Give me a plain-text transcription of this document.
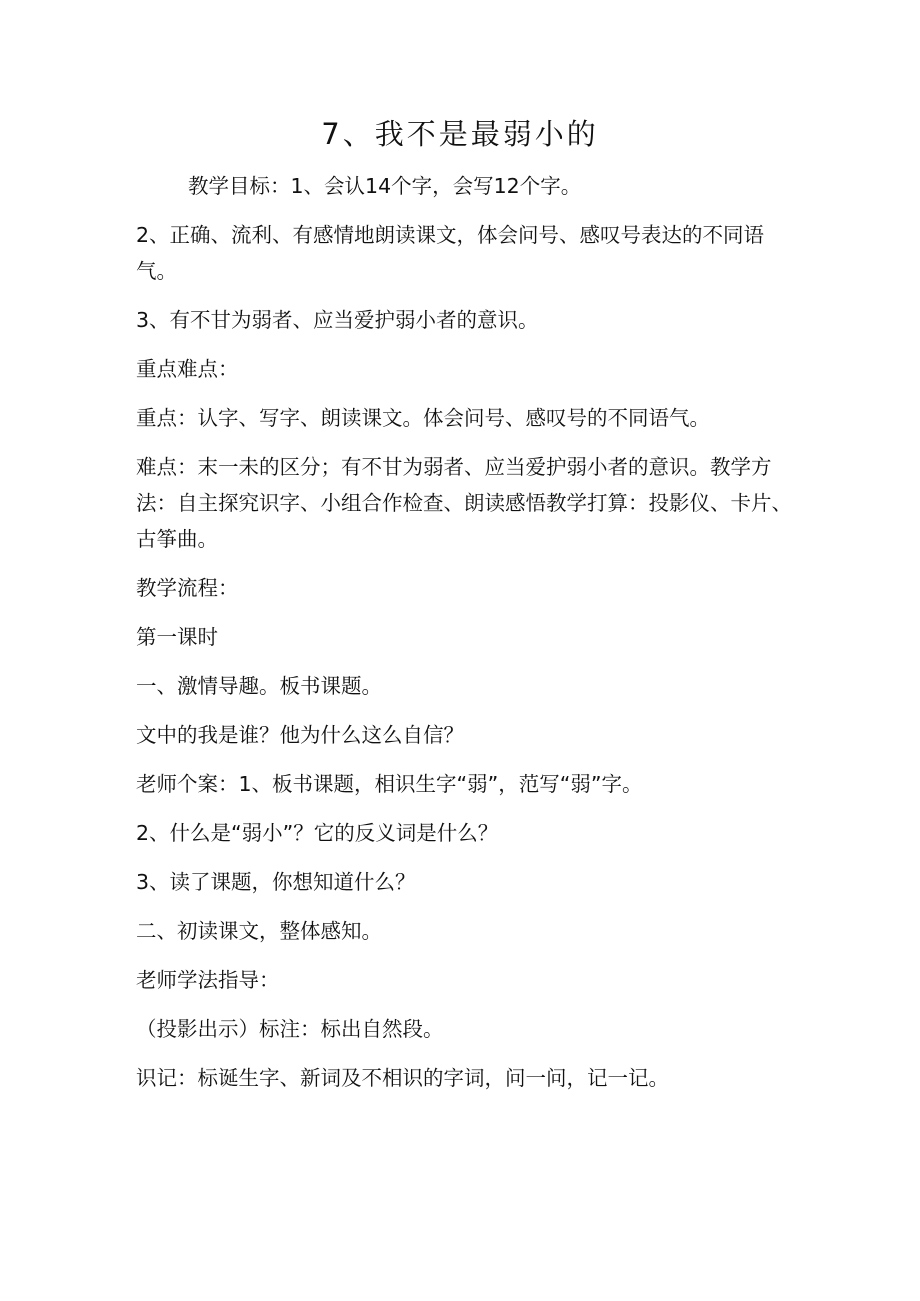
7、我不是最弱小的

教学目标：1、会认14个字，会写12个字。

2、正确、流利、有感情地朗读课文，体会问号、感叹号表达的不同语气。

3、有不甘为弱者、应当爱护弱小者的意识。

重点难点：

重点：认字、写字、朗读课文。体会问号、感叹号的不同语气。

难点：末一未的区分；有不甘为弱者、应当爱护弱小者的意识。教学方法：自主探究识字、小组合作检查、朗读感悟教学打算：投影仪、卡片、古筝曲。

教学流程：

第一课时

一、激情导趣。板书课题。

文中的我是谁？他为什么这么自信？

老师个案：1、板书课题，相识生字“弱”，范写“弱”字。

2、什么是“弱小”？它的反义词是什么？

3、读了课题，你想知道什么？

二、初读课文，整体感知。

老师学法指导：

（投影出示）标注：标出自然段。

识记：标诞生字、新词及不相识的字词，问一问，记一记。
